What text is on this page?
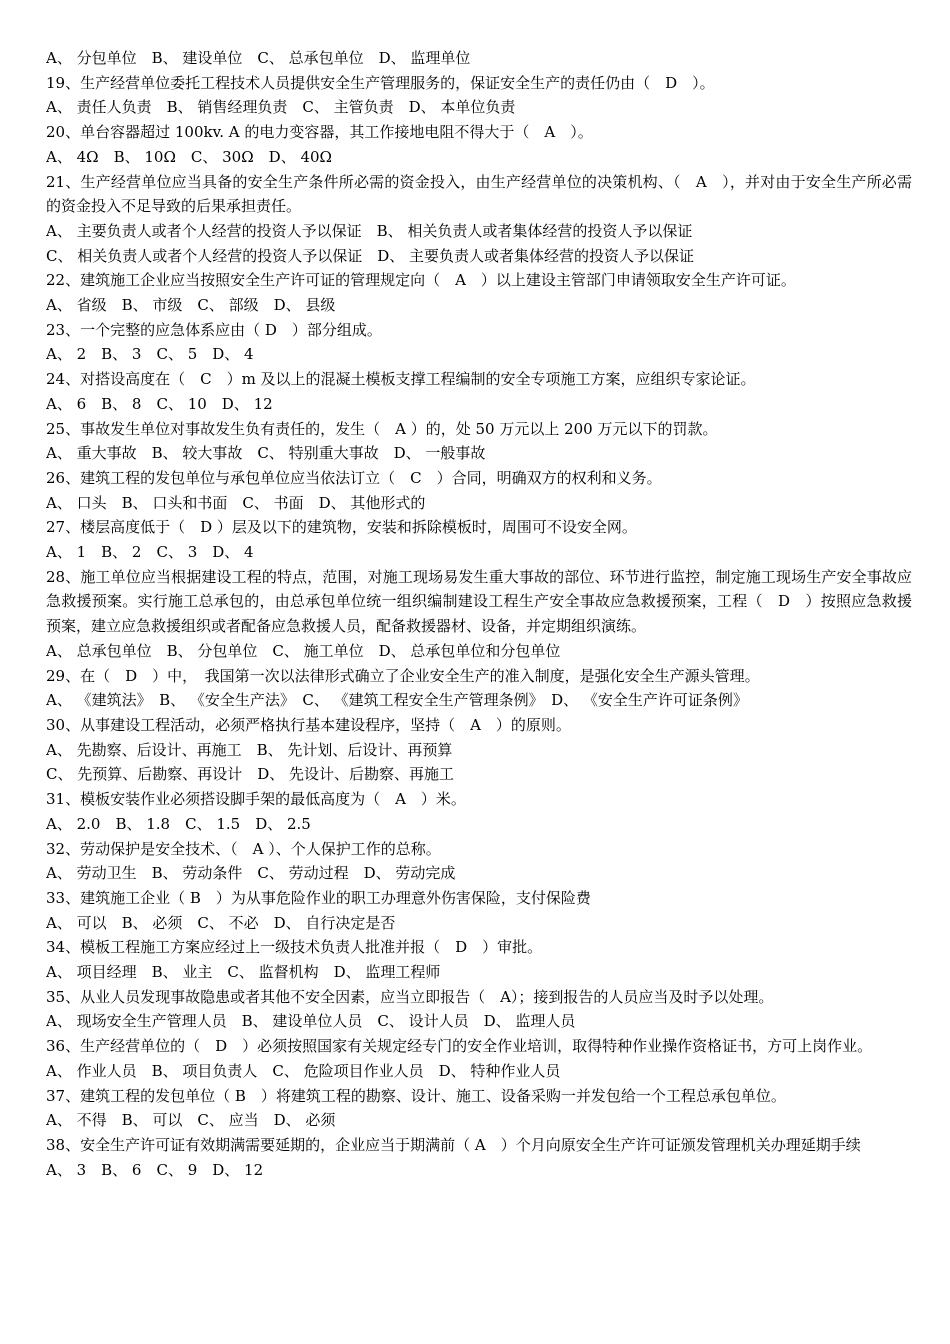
A、 分包单位　B、 建设单位　C、 总承包单位　D、 监理单位
19、生产经营单位委托工程技术人员提供安全生产管理服务的，保证安全生产的责任仍由（　D　）。
A、 责任人负责　B、 销售经理负责　C、 主管负责　D、 本单位负责
20、单台容器超过 100kv. A 的电力变容器，其工作接地电阻不得大于（　A　）。
A、 4Ω　B、 10Ω　C、 30Ω　D、 40Ω
21、生产经营单位应当具备的安全生产条件所必需的资金投入，由生产经营单位的决策机构、（　A　），并对由于安全生产所必需的资金投入不足导致的后果承担责任。
A、 主要负责人或者个人经营的投资人予以保证　B、 相关负责人或者集体经营的投资人予以保证
C、 相关负责人或者个人经营的投资人予以保证　D、 主要负责人或者集体经营的投资人予以保证
22、建筑施工企业应当按照安全生产许可证的管理规定向（　A　）以上建设主管部门申请领取安全生产许可证。
A、 省级　B、 市级　C、 部级　D、 县级
23、一个完整的应急体系应由（ D　）部分组成。
A、 2　B、 3　C、 5　D、 4
24、对搭设高度在（　C　）m 及以上的混凝土模板支撑工程编制的安全专项施工方案，应组织专家论证。
A、 6　B、 8　C、 10　D、 12
25、事故发生单位对事故发生负有责任的，发生（　A ）的，处 50 万元以上 200 万元以下的罚款。
A、 重大事故　B、 较大事故　C、 特别重大事故　D、 一般事故
26、建筑工程的发包单位与承包单位应当依法订立（　C　）合同，明确双方的权利和义务。
A、 口头　B、 口头和书面　C、 书面　D、 其他形式的
27、楼层高度低于（　D ）层及以下的建筑物，安装和拆除模板时，周围可不设安全网。
A、 1　B、 2　C、 3　D、 4
28、施工单位应当根据建设工程的特点，范围，对施工现场易发生重大事故的部位、环节进行监控，制定施工现场生产安全事故应急救援预案。实行施工总承包的，由总承包单位统一组织编制建设工程生产安全事故应急救援预案，工程（　D　）按照应急救援预案，建立应急救援组织或者配备应急救援人员，配备救援器材、设备，并定期组织演练。
A、 总承包单位　B、 分包单位　C、 施工单位　D、 总承包单位和分包单位
29、在（　D　）中，　我国第一次以法律形式确立了企业安全生产的准入制度，是强化安全生产源头管理。
A、 《建筑法》　B、 《安全生产法》　C、 《建筑工程安全生产管理条例》　D、 《安全生产许可证条例》
30、从事建设工程活动，必须严格执行基本建设程序，坚持（　A　）的原则。
A、 先勘察、后设计、再施工　B、 先计划、后设计、再预算
C、 先预算、后勘察、再设计　D、 先设计、后勘察、再施工
31、模板安装作业必须搭设脚手架的最低高度为（　A　）米。
A、 2.0　B、 1.8　C、 1.5　D、 2.5
32、劳动保护是安全技术、（　A ）、个人保护工作的总称。
A、 劳动卫生　B、 劳动条件　C、 劳动过程　D、 劳动完成
33、建筑施工企业（ B　）为从事危险作业的职工办理意外伤害保险，支付保险费
A、 可以　B、 必须　C、 不必　D、 自行决定是否
34、模板工程施工方案应经过上一级技术负责人批准并报（　D　）审批。
A、 项目经理　B、 业主　C、 监督机构　D、 监理工程师
35、从业人员发现事故隐患或者其他不安全因素，应当立即报告（　A）；接到报告的人员应当及时予以处理。
A、 现场安全生产管理人员　B、 建设单位人员　C、 设计人员　D、 监理人员
36、生产经营单位的（　D　）必须按照国家有关规定经专门的安全作业培训，取得特种作业操作资格证书，方可上岗作业。
A、 作业人员　B、 项目负责人　C、 危险项目作业人员　D、 特种作业人员
37、建筑工程的发包单位（ B　）将建筑工程的勘察、设计、施工、设备采购一并发包给一个工程总承包单位。
A、 不得　B、 可以　C、 应当　D、 必须
38、安全生产许可证有效期满需要延期的，企业应当于期满前（ A　）个月向原安全生产许可证颁发管理机关办理延期手续
A、 3　B、 6　C、 9　D、 12
